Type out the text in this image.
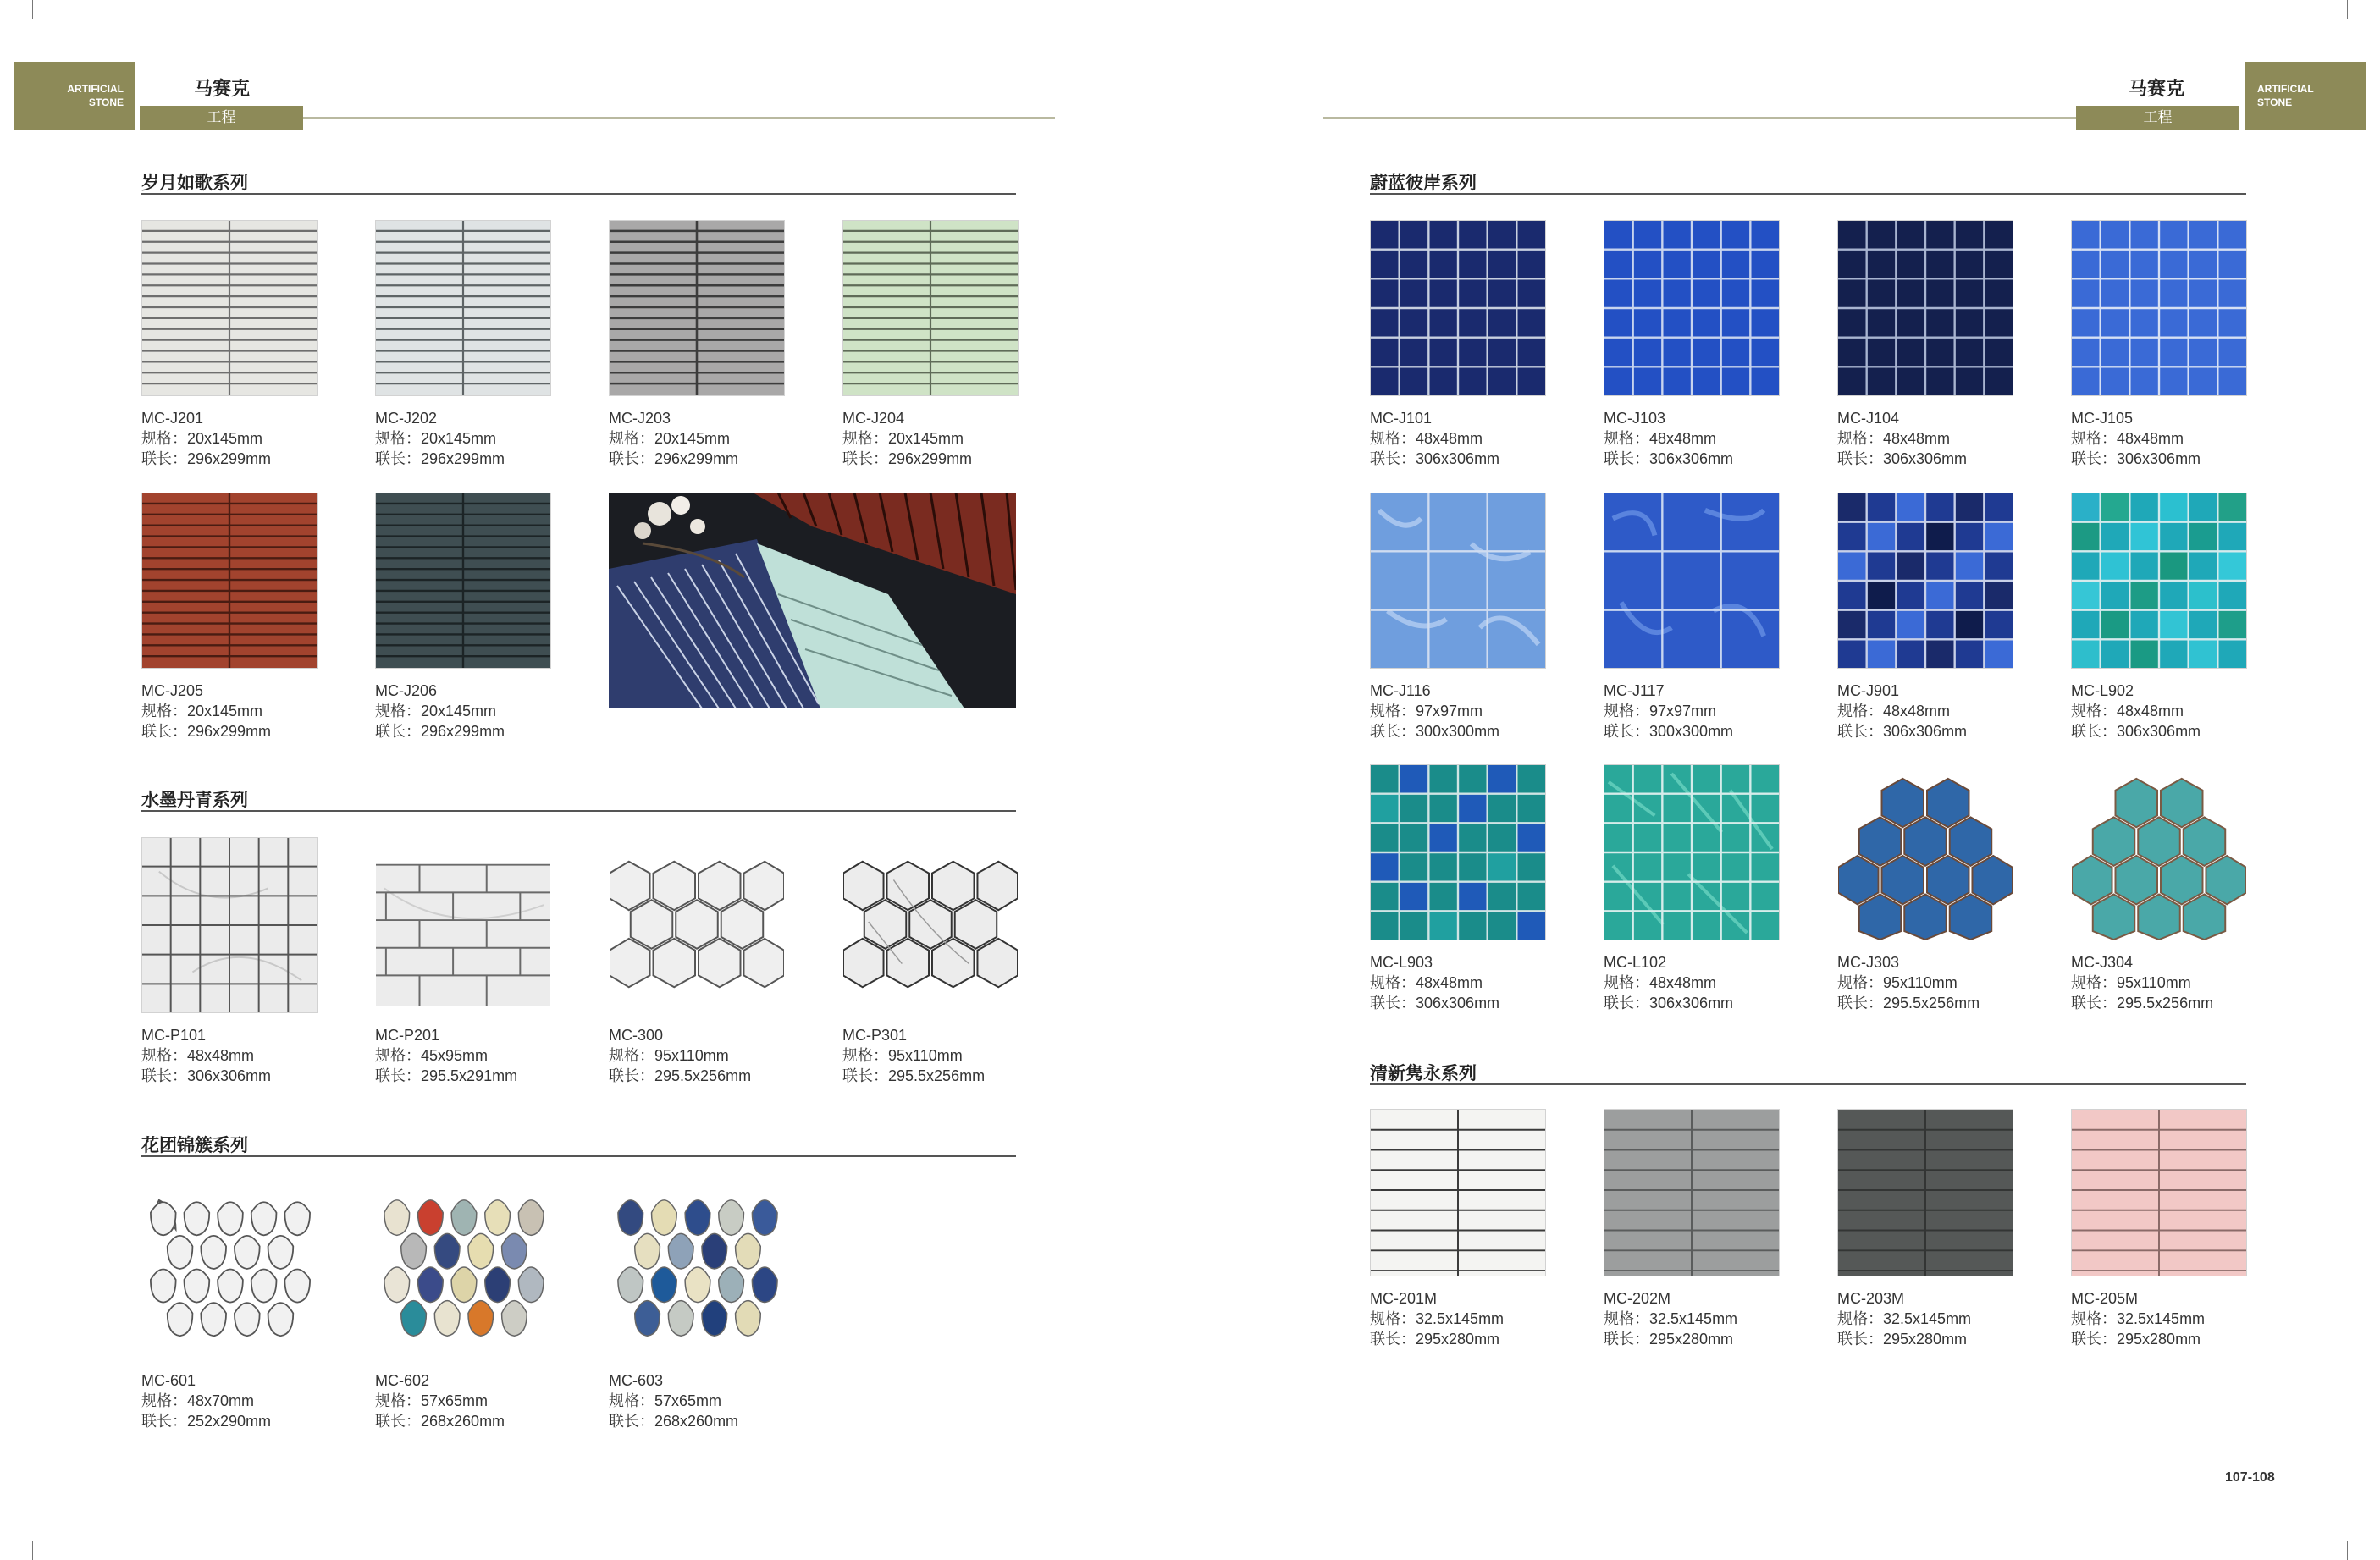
ARTIFICIAL
STONE
马赛克
工程
ARTIFICIAL
STONE
马赛克
工程
岁月如歌系列
水墨丹青系列
花团锦簇系列
蔚蓝彼岸系列
清新隽永系列
MC-J201
规格：20x145mm
联长：296x299mm
MC-J202
规格：20x145mm
联长：296x299mm
MC-J203
规格：20x145mm
联长：296x299mm
MC-J204
规格：20x145mm
联长：296x299mm
MC-J205
规格：20x145mm
联长：296x299mm
MC-J206
规格：20x145mm
联长：296x299mm
MC-P101
规格：48x48mm
联长：306x306mm
MC-P201
规格：45x95mm
联长：295.5x291mm
MC-300
规格：95x110mm
联长：295.5x256mm
MC-P301
规格：95x110mm
联长：295.5x256mm
MC-601
规格：48x70mm
联长：252x290mm
MC-602
规格：57x65mm
联长：268x260mm
MC-603
规格：57x65mm
联长：268x260mm
MC-J101
规格：48x48mm
联长：306x306mm
MC-J103
规格：48x48mm
联长：306x306mm
MC-J104
规格：48x48mm
联长：306x306mm
MC-J105
规格：48x48mm
联长：306x306mm
MC-J116
规格：97x97mm
联长：300x300mm
MC-J117
规格：97x97mm
联长：300x300mm
MC-J901
规格：48x48mm
联长：306x306mm
MC-L902
规格：48x48mm
联长：306x306mm
MC-L903
规格：48x48mm
联长：306x306mm
MC-L102
规格：48x48mm
联长：306x306mm
MC-J303
规格：95x110mm
联长：295.5x256mm
MC-J304
规格：95x110mm
联长：295.5x256mm
MC-201M
规格：32.5x145mm
联长：295x280mm
MC-202M
规格：32.5x145mm
联长：295x280mm
MC-203M
规格：32.5x145mm
联长：295x280mm
MC-205M
规格：32.5x145mm
联长：295x280mm
107-108
